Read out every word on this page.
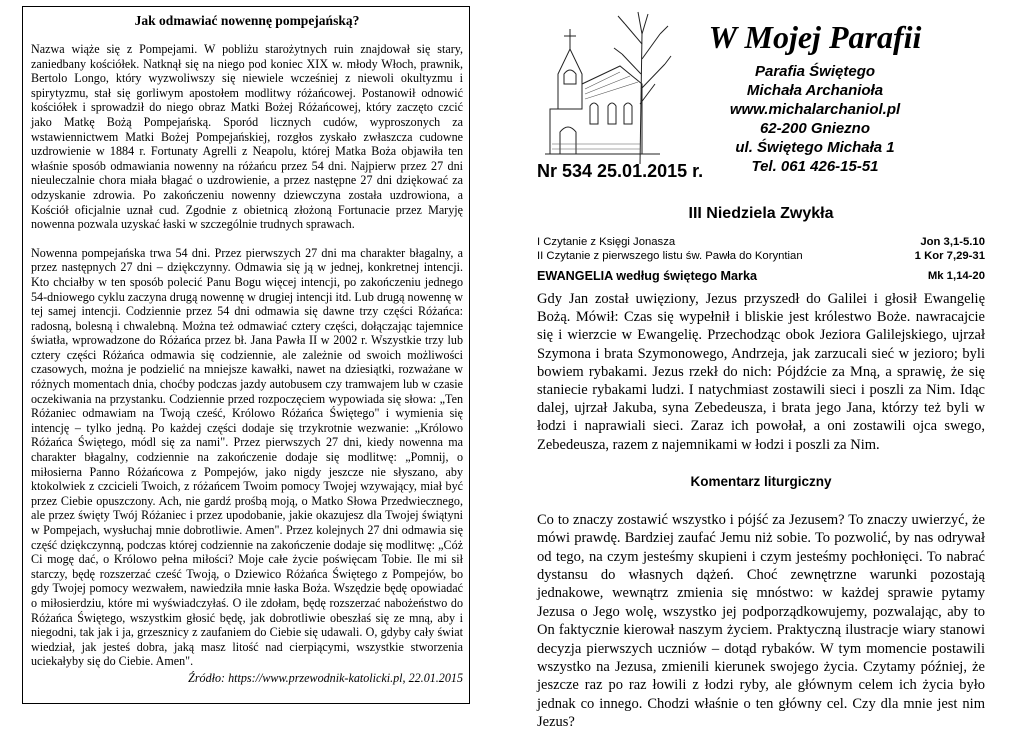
Jak odmawiać nowennę pompejańską?

Nazwa wiąże się z Pompejami. W pobliżu starożytnych ruin znajdował się stary, zaniedbany kościółek. Natknął się na niego pod koniec XIX w. młody Włoch, prawnik, Bertolo Longo, który wyzwoliwszy się niewiele wcześniej z niewoli okultyzmu i spirytyzmu, stał się gorliwym apostołem modlitwy różańcowej. Postanowił odnowić kościółek i sprowadził do niego obraz Matki Bożej Różańcowej, który zaczęto czcić jako Matkę Bożą Pompejańską. Sporód licznych cudów, wyproszonych za wstawiennictwem Matki Bożej Pompejańskiej, rozgłos zyskało zwłaszcza cudowne uzdrowienie w 1884 r. Fortunaty Agrelli z Neapolu, której Matka Boża objawiła ten właśnie sposób odmawiania nowenny na różańcu przez 54 dni. Najpierw przez 27 dni nieuleczalnie chora miała błagać o uzdrowienie, a przez następne 27 dni dziękować za odzyskanie zdrowia. Po zakończeniu nowenny dziewczyna została uzdrowiona, a Kościół oficjalnie uznał cud. Zgodnie z obietnicą złożoną Fortunacie przez Maryję nowenna pozwala uzyskać łaski w szczególnie trudnych sprawach.

Nowenna pompejańska trwa 54 dni. Przez pierwszych 27 dni ma charakter błagalny, a przez następnych 27 dni – dziękczynny. Odmawia się ją w jednej, konkretnej intencji. Kto chciałby w ten sposób polecić Panu Bogu więcej intencji, po zakończeniu jednego 54-dniowego cyklu zaczyna drugą nowennę w drugiej intencji itd. Lub drugą nowennę w tej samej intencji. Codziennie przez 54 dni odmawia się dawne trzy części Różańca: radosną, bolesną i chwalebną. Można też odmawiać cztery części, dołączając tajemnice światła, wprowadzone do Różańca przez bł. Jana Pawła II w 2002 r. Wszystkie trzy lub cztery części Różańca odmawia się codziennie, ale zależnie od swoich możliwości czasowych, można je podzielić na mniejsze kawałki, nawet na dziesiątki, rozważane w różnych momentach dnia, choćby podczas jazdy autobusem czy tramwajem lub w czasie oczekiwania na przystanku. Codziennie przed rozpoczęciem wypowiada się słowa: „Ten Różaniec odmawiam na Twoją cześć, Królowo Różańca Świętego" i wymienia się intencję – tylko jedną. Po każdej części dodaje się trzykrotnie wezwanie: „Królowo Różańca Świętego, módl się za nami". Przez pierwszych 27 dni, kiedy nowenna ma charakter błagalny, codziennie na zakończenie dodaje się modlitwę: „Pomnij, o miłosierna Panno Różańcowa z Pompejów, jako nigdy jeszcze nie słyszano, aby ktokolwiek z czcicieli Twoich, z różańcem Twoim pomocy Twojej wzywający, miał być przez Ciebie opuszczony. Ach, nie gardź prośbą moją, o Matko Słowa Przedwiecznego, ale przez święty Twój Różaniec i przez upodobanie, jakie okazujesz dla Twojej świątyni w Pompejach, wysłuchaj mnie dobrotliwie. Amen". Przez kolejnych 27 dni odmawia się część dziękczynną, podczas której codziennie na zakończenie dodaje się modlitwę: „Cóż Ci mogę dać, o Królowo pełna miłości? Moje całe życie poświęcam Tobie. Ile mi sił starczy, będę rozszerzać cześć Twoją, o Dziewico Różańca Świętego z Pompejów, bo gdy Twojej pomocy wezwałem, nawiedziła mnie łaska Boża. Wszędzie będę opowiadać o miłosierdziu, które mi wyświadczyłaś. O ile zdołam, będę rozszerzać nabożeństwo do Różańca Świętego, wszystkim głosić będę, jak dobrotliwie obeszłaś się ze mną, aby i niegodni, tak jak i ja, grzesznicy z zaufaniem do Ciebie się udawali. O, gdyby cały świat wiedział, jak jesteś dobra, jaką masz litość nad cierpiącymi, wszystkie stworzenia uciekałyby się do Ciebie. Amen".

Źródło: https://www.przewodnik-katolicki.pl, 22.01.2015
W Mojej Parafii
Parafia Świętego
Michała Archanioła
www.michalarchaniol.pl
62-200 Gniezno
ul. Świętego Michała 1
Tel. 061 426-15-51
Nr 534 25.01.2015 r.
III Niedziela Zwykła
I Czytanie z Księgi Jonasza	Jon 3,1-5.10
II Czytanie z pierwszego listu św. Pawła do Koryntian	1 Kor 7,29-31
EWANGELIA według świętego Marka	Mk 1,14-20

Gdy Jan został uwięziony, Jezus przyszedł do Galilei i głosił Ewangelię Bożą. Mówił: Czas się wypełnił i bliskie jest królestwo Boże. nawracajcie się i wierzcie w Ewangelię. Przechodząc obok Jeziora Galilejskiego, ujrzał Szymona i brata Szymonowego, Andrzeja, jak zarzucali sieć w jezioro; byli bowiem rybakami. Jezus rzekł do nich: Pójdźcie za Mną, a sprawię, że się staniecie rybakami ludzi. I natychmiast zostawili sieci i poszli za Nim. Idąc dalej, ujrzał Jakuba, syna Zebedeusza, i brata jego Jana, którzy też byli w łodzi i naprawiali sieci. Zaraz ich powołał, a oni zostawili ojca swego, Zebedeusza, razem z najemnikami w łodzi i poszli za Nim.

Komentarz liturgiczny

Co to znaczy zostawić wszystko i pójść za Jezusem? To znaczy uwierzyć, że mówi prawdę. Bardziej zaufać Jemu niż sobie. To pozwolić, by nas odrywał od tego, na czym jesteśmy skupieni i czym jesteśmy pochłonięci. To nabrać dystansu do własnych dążeń. Choć zewnętrzne warunki pozostają jednakowe, wewnątrz zmienia się mnóstwo: w każdej sprawie pytamy Jezusa o Jego wolę, wszystko jej podporządkowujemy, pozwalając, aby to On faktycznie kierował naszym życiem. Praktyczną ilustracje wiary stanowi decyzja pierwszych uczniów – dotąd rybaków. W tym momencie postawili wszystko na Jezusa, zmienili kierunek swojego życia. Czytamy później, że jeszcze raz po raz łowili z łodzi ryby, ale głównym celem ich życia było jednak co innego. Chodzi właśnie o ten główny cel. Czy dla mnie jest nim Jezus?
